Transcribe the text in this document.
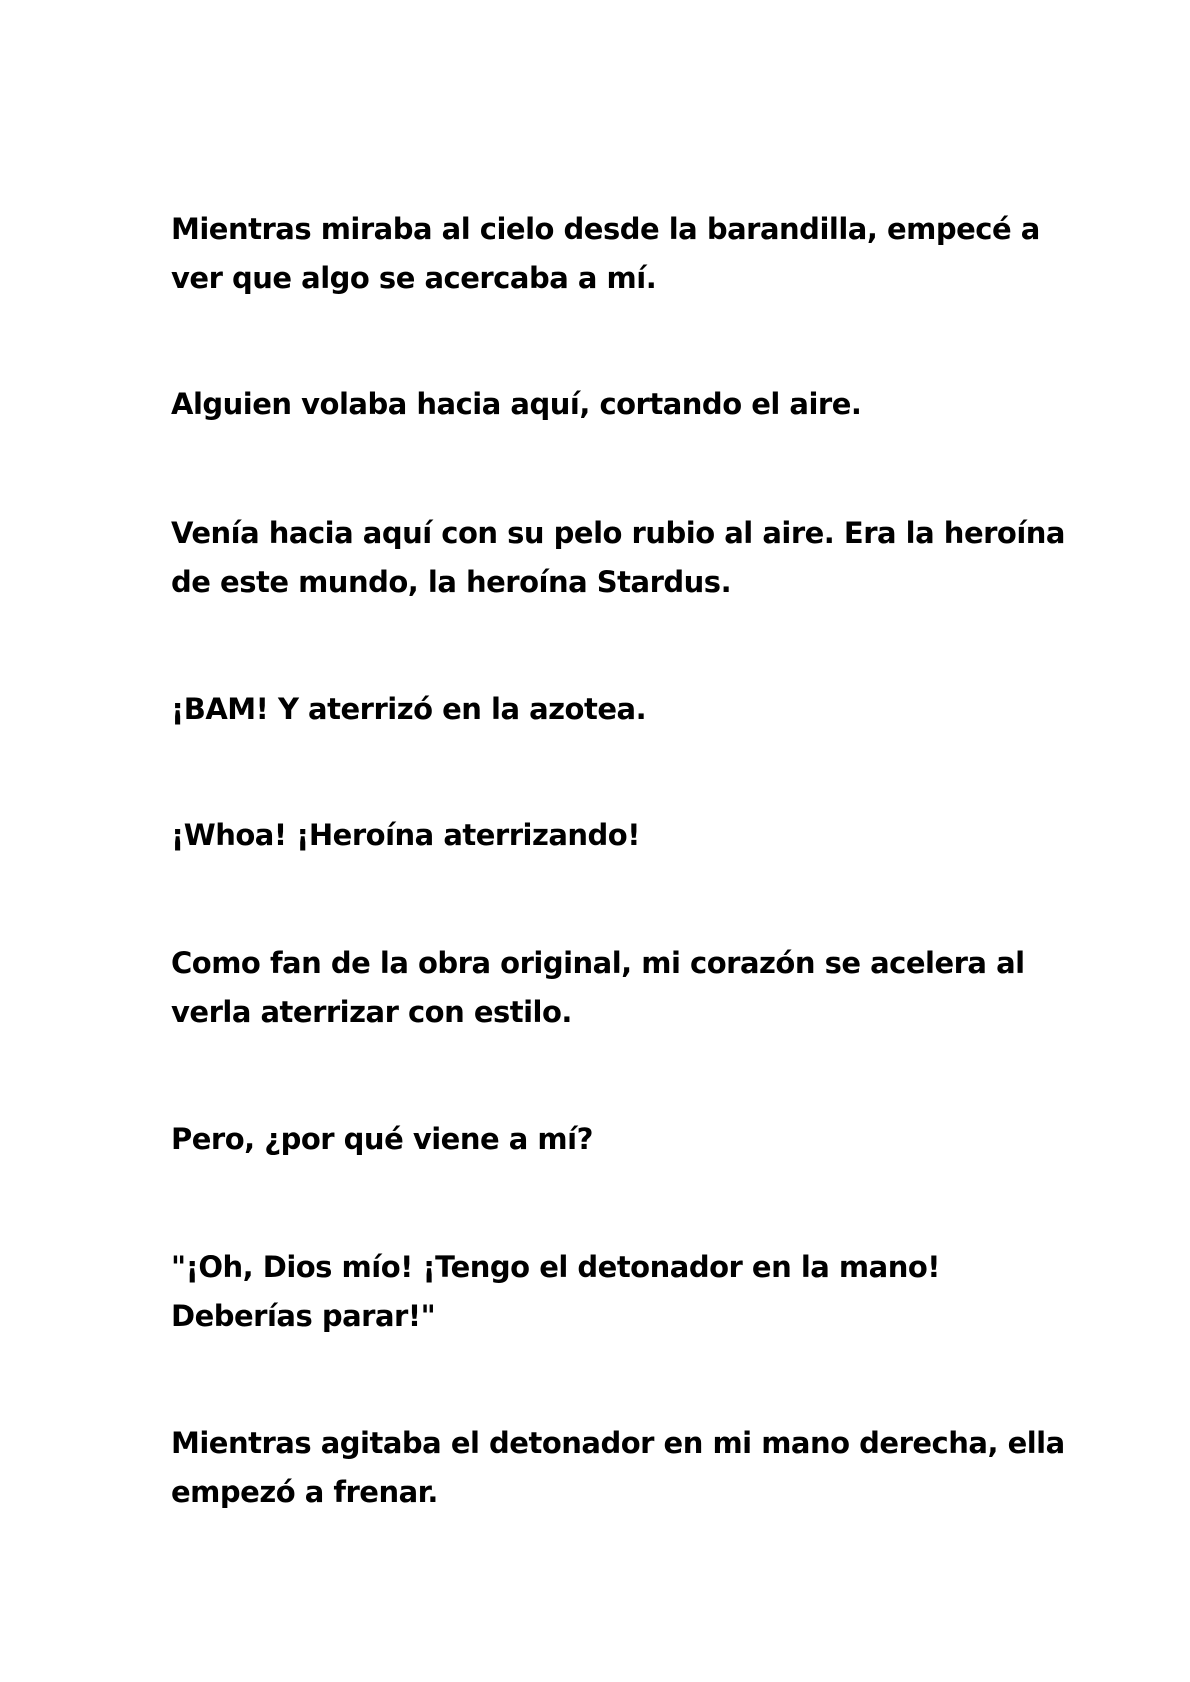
Mientras miraba al cielo desde la barandilla, empecé a
ver que algo se acercaba a mí.

Alguien volaba hacia aquí, cortando el aire.

Venía hacia aquí con su pelo rubio al aire. Era la heroína
de este mundo, la heroína Stardus.

¡BAM! Y aterrizó en la azotea.

¡Whoa! ¡Heroína aterrizando!

Como fan de la obra original, mi corazón se acelera al
verla aterrizar con estilo.

Pero, ¿por qué viene a mí?

"¡Oh, Dios mío! ¡Tengo el detonador en la mano!
Deberías parar!"

Mientras agitaba el detonador en mi mano derecha, ella
empezó a frenar.
